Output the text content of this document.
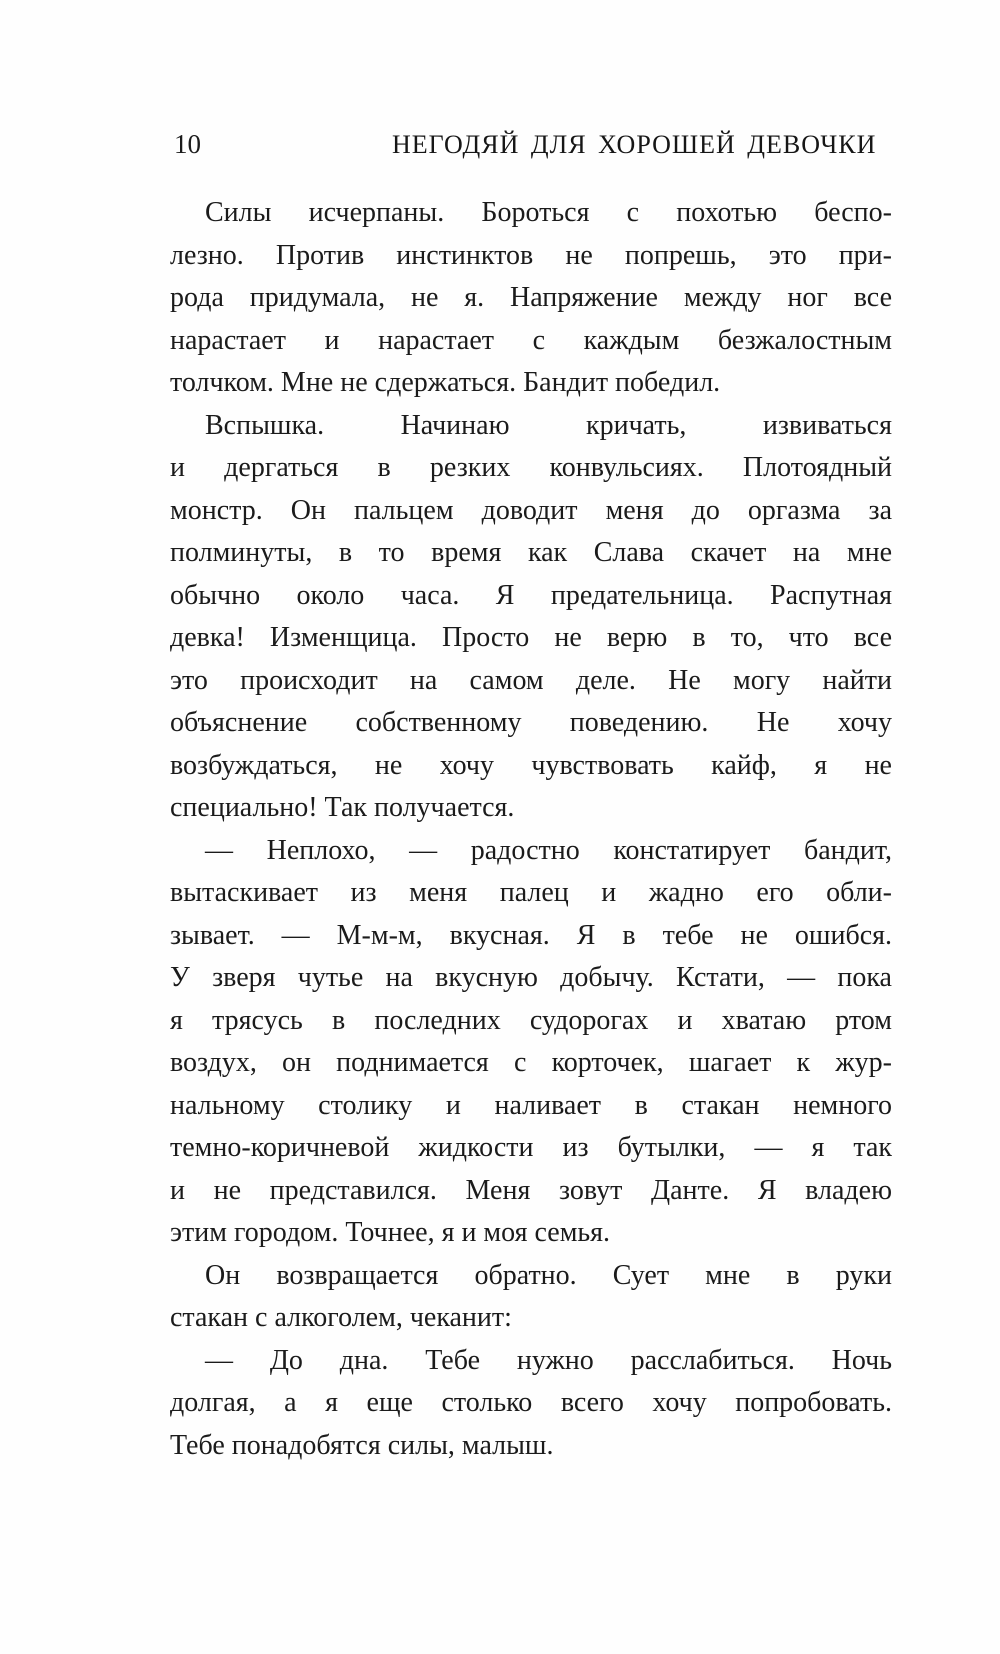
10	НЕГОДЯЙ ДЛЯ ХОРОШЕЙ ДЕВОЧКИ
Силы исчерпаны. Бороться с похотью беспо-
лезно. Против инстинктов не попрешь, это при-
рода придумала, не я. Напряжение между ног все
нарастает и нарастает с каждым безжалостным
толчком. Мне не сдержаться. Бандит победил.
Вспышка. Начинаю кричать, извиваться
и дергаться в резких конвульсиях. Плотоядный
монстр. Он пальцем доводит меня до оргазма за
полминуты, в то время как Слава скачет на мне
обычно около часа. Я предательница. Распутная
девка! Изменщица. Просто не верю в то, что все
это происходит на самом деле. Не могу найти
объяснение собственному поведению. Не хочу
возбуждаться, не хочу чувствовать кайф, я не
специально! Так получается.
— Неплохо, — радостно констатирует бандит,
вытаскивает из меня палец и жадно его обли-
зывает. — М-м-м, вкусная. Я в тебе не ошибся.
У зверя чутье на вкусную добычу. Кстати, — пока
я трясусь в последних судорогах и хватаю ртом
воздух, он поднимается с корточек, шагает к жур-
нальному столику и наливает в стакан немного
темно-коричневой жидкости из бутылки, — я так
и не представился. Меня зовут Данте. Я владею
этим городом. Точнее, я и моя семья.
Он возвращается обратно. Сует мне в руки
стакан с алкоголем, чеканит:
— До дна. Тебе нужно расслабиться. Ночь
долгая, а я еще столько всего хочу попробовать.
Тебе понадобятся силы, малыш.
